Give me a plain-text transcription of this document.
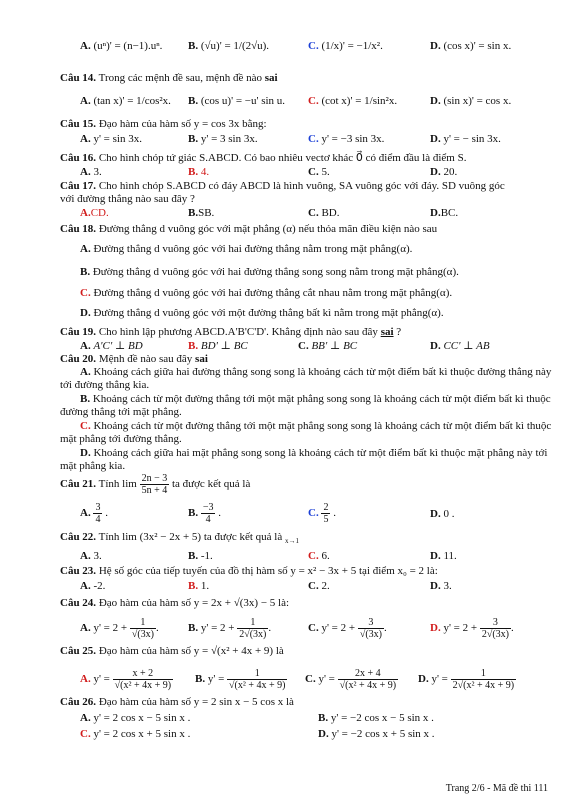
A. (uⁿ)' = (n−1).uⁿ. B. (√u)' = 1/(2√u).	C. (1/x)' = −1/x².	D. (cos x)' = sin x.
Câu 14. Trong các mệnh đề sau, mệnh đề nào sai
A. (tan x)' = 1/cos²x. B. (cos u)' = −u' sin u. C. (cot x)' = 1/sin²x.	D. (sin x)' = cos x.
Câu 15. Đạo hàm của hàm số y = cos 3x bằng:
A. y' = sin 3x.	B. y' = 3 sin 3x.	C. y' = −3 sin 3x.	D. y' = − sin 3x.
Câu 16. Cho hình chóp tứ giác S.ABCD. Có bao nhiêu vectơ khác 0⃗ có điểm đầu là điểm S.
A. 3.	B. 4.	C. 5.	D. 20.
Câu 17. Cho hình chóp S.ABCD có đáy ABCD là hình vuông, SA vuông góc với đáy. SD vuông góc
với đường thẳng nào sau đây ?
A.CD.	B.SB.	C. BD.	D.BC.
Câu 18. Đường thẳng d vuông góc với mặt phẳng (α) nếu thỏa mãn điều kiện nào sau
A. Đường thẳng d vuông góc với hai đường thẳng nằm trong mặt phẳng(α).
B. Đường thẳng d vuông góc với hai đường thẳng song song nằm trong mặt phẳng(α).
C. Đường thẳng d vuông góc với hai đường thẳng cắt nhau nằm trong mặt phẳng(α).
D. Đường thẳng d vuông góc với một đường thẳng bất kì nằm trong mặt phẳng(α).
Câu 19. Cho hình lập phương ABCD.A'B'C'D'. Khẳng định nào sau đây sai ?
A. A'C' ⊥ BD	B. BD' ⊥ BC	C. BB' ⊥ BC	D. CC' ⊥ AB
Câu 20. Mệnh đề nào sau đây sai
A. Khoảng cách giữa hai đường thẳng song song là khoảng cách từ một điểm bất kì thuộc đường thẳng này tới đường thẳng kia.
B. Khoảng cách từ một đường thẳng tới một mặt phẳng song song là khoảng cách từ một điểm bất kì thuộc đường thẳng tới mặt phẳng.
C. Khoảng cách từ một đường thẳng tới một mặt phẳng song song là khoảng cách từ một điểm bất kì thuộc mặt phẳng tới đường thẳng.
D. Khoảng cách giữa hai mặt phẳng song song là khoảng cách từ một điểm bất kì thuộc mặt phẳng này tới mặt phẳng kia.
Câu 21. Tính $\lim \frac{2n - 3}{5n + 4}$ ta được kết quả là
A. $\frac{3}{4}$ .	B. $\frac{-3}{4}$ .	C. $\frac{2}{5}$ .	D. 0 .
Câu 22. Tính lim (3x² − 2x + 5) ta được kết quả là $_{x\to 1}$
A. 3.	B. -1.	C. 6.	D. 11.
Câu 23. Hệ số góc của tiếp tuyến của đồ thị hàm số y = x² − 3x + 5 tại điểm x₀ = 2 là:
A. -2.	B. 1.	C. 2.	D. 3.
Câu 24. Đạo hàm của hàm số y = 2x + √(3x) − 5 là:
A. $y' = 2 + \frac{1}{√(3x)}$ .	B. $y' = 2 + \frac{1}{2√(3x)}$ .	C. $y' = 2 + \frac{3}{√(3x)}$ .	D. $y' = 2 + \frac{3}{2√(3x)}$ .
Câu 25. Đạo hàm của hàm số y = √(x² + 4x + 9) là
A. $y' = \frac{x + 2}{\text{√(x² + 4x + 9)}} B$. $y' = \frac{1}{\text{√(x² + 4x + 9)}} C$. $y' = \frac{2x + 4}{\text{√(x² + 4x + 9)}} D$. $y' = \frac{1}{\text{2√(x² + 4x + 9)}}$
Câu 26. Đạo hàm của hàm số y = 2 sin x − 5 cos x là
A. y' = 2 cos x − 5 sin x .	B. y' = −2 cos x − 5 sin x .
C. y' = 2 cos x + 5 sin x .	D. y' = −2 cos x + 5 sin x .
Trang 2/6 - Mã đề thi 111
